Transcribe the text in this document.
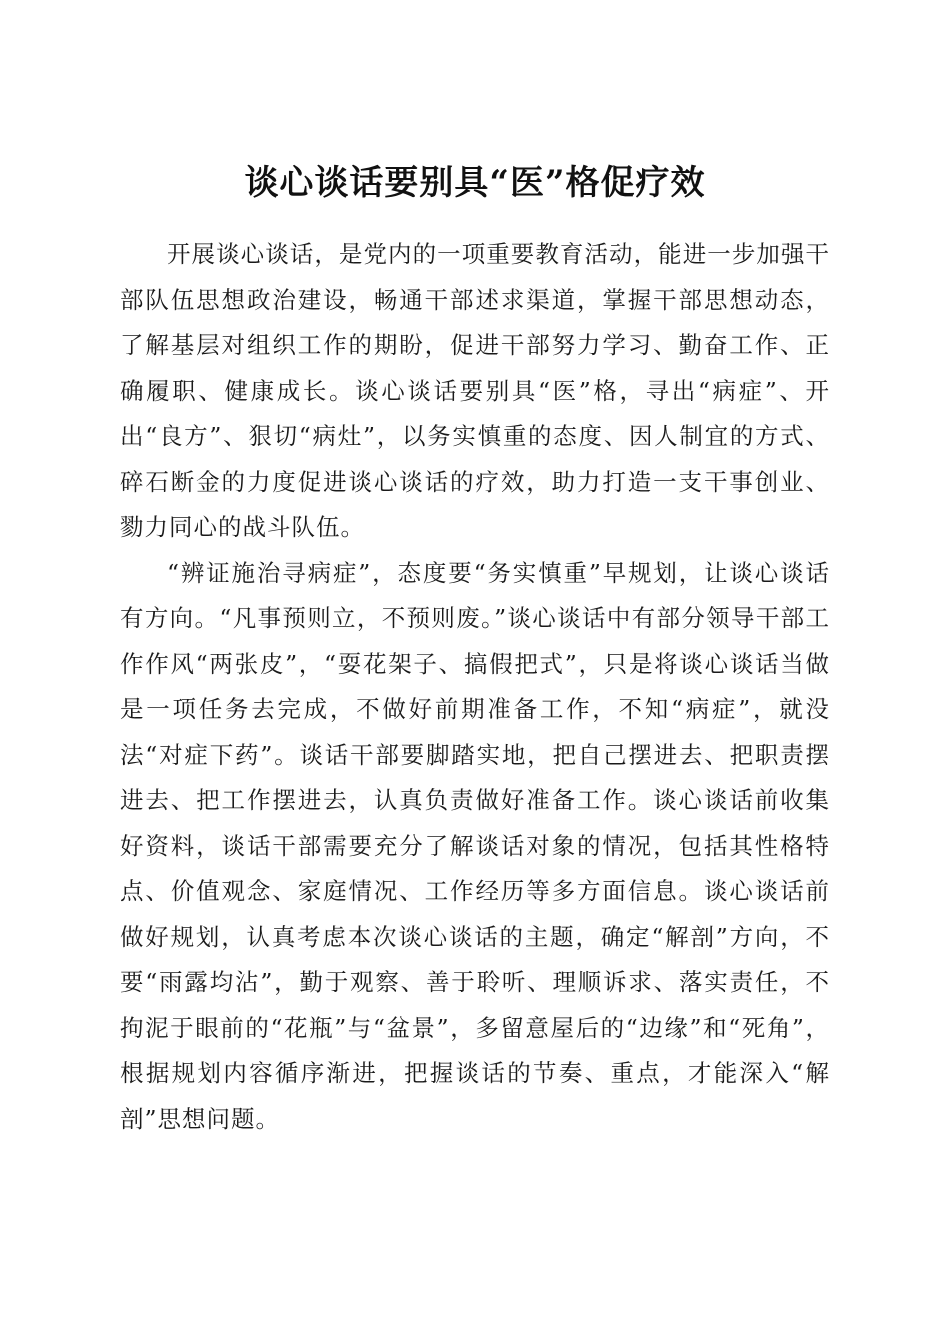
谈心谈话要别具“医”格促疗效

开展谈心谈话，是党内的一项重要教育活动，能进一步加强干部队伍思想政治建设，畅通干部述求渠道，掌握干部思想动态，了解基层对组织工作的期盼，促进干部努力学习、勤奋工作、正确履职、健康成长。谈心谈话要别具“医”格，寻出“病症”、开出“良方”、狠切“病灶”，以务实慎重的态度、因人制宜的方式、碎石断金的力度促进谈心谈话的疗效，助力打造一支干事创业、勠力同心的战斗队伍。

“辨证施治寻病症”，态度要“务实慎重”早规划，让谈心谈话有方向。“凡事预则立，不预则废。”谈心谈话中有部分领导干部工作作风“两张皮”，“耍花架子、搞假把式”，只是将谈心谈话当做是一项任务去完成，不做好前期准备工作，不知“病症”，就没法“对症下药”。谈话干部要脚踏实地，把自己摆进去、把职责摆进去、把工作摆进去，认真负责做好准备工作。谈心谈话前收集好资料，谈话干部需要充分了解谈话对象的情况，包括其性格特点、价值观念、家庭情况、工作经历等多方面信息。谈心谈话前做好规划，认真考虑本次谈心谈话的主题，确定“解剖”方向，不要“雨露均沾”，勤于观察、善于聆听、理顺诉求、落实责任，不拘泥于眼前的“花瓶”与“盆景”，多留意屋后的“边缘”和“死角”，根据规划内容循序渐进，把握谈话的节奏、重点，才能深入“解剖”思想问题。
